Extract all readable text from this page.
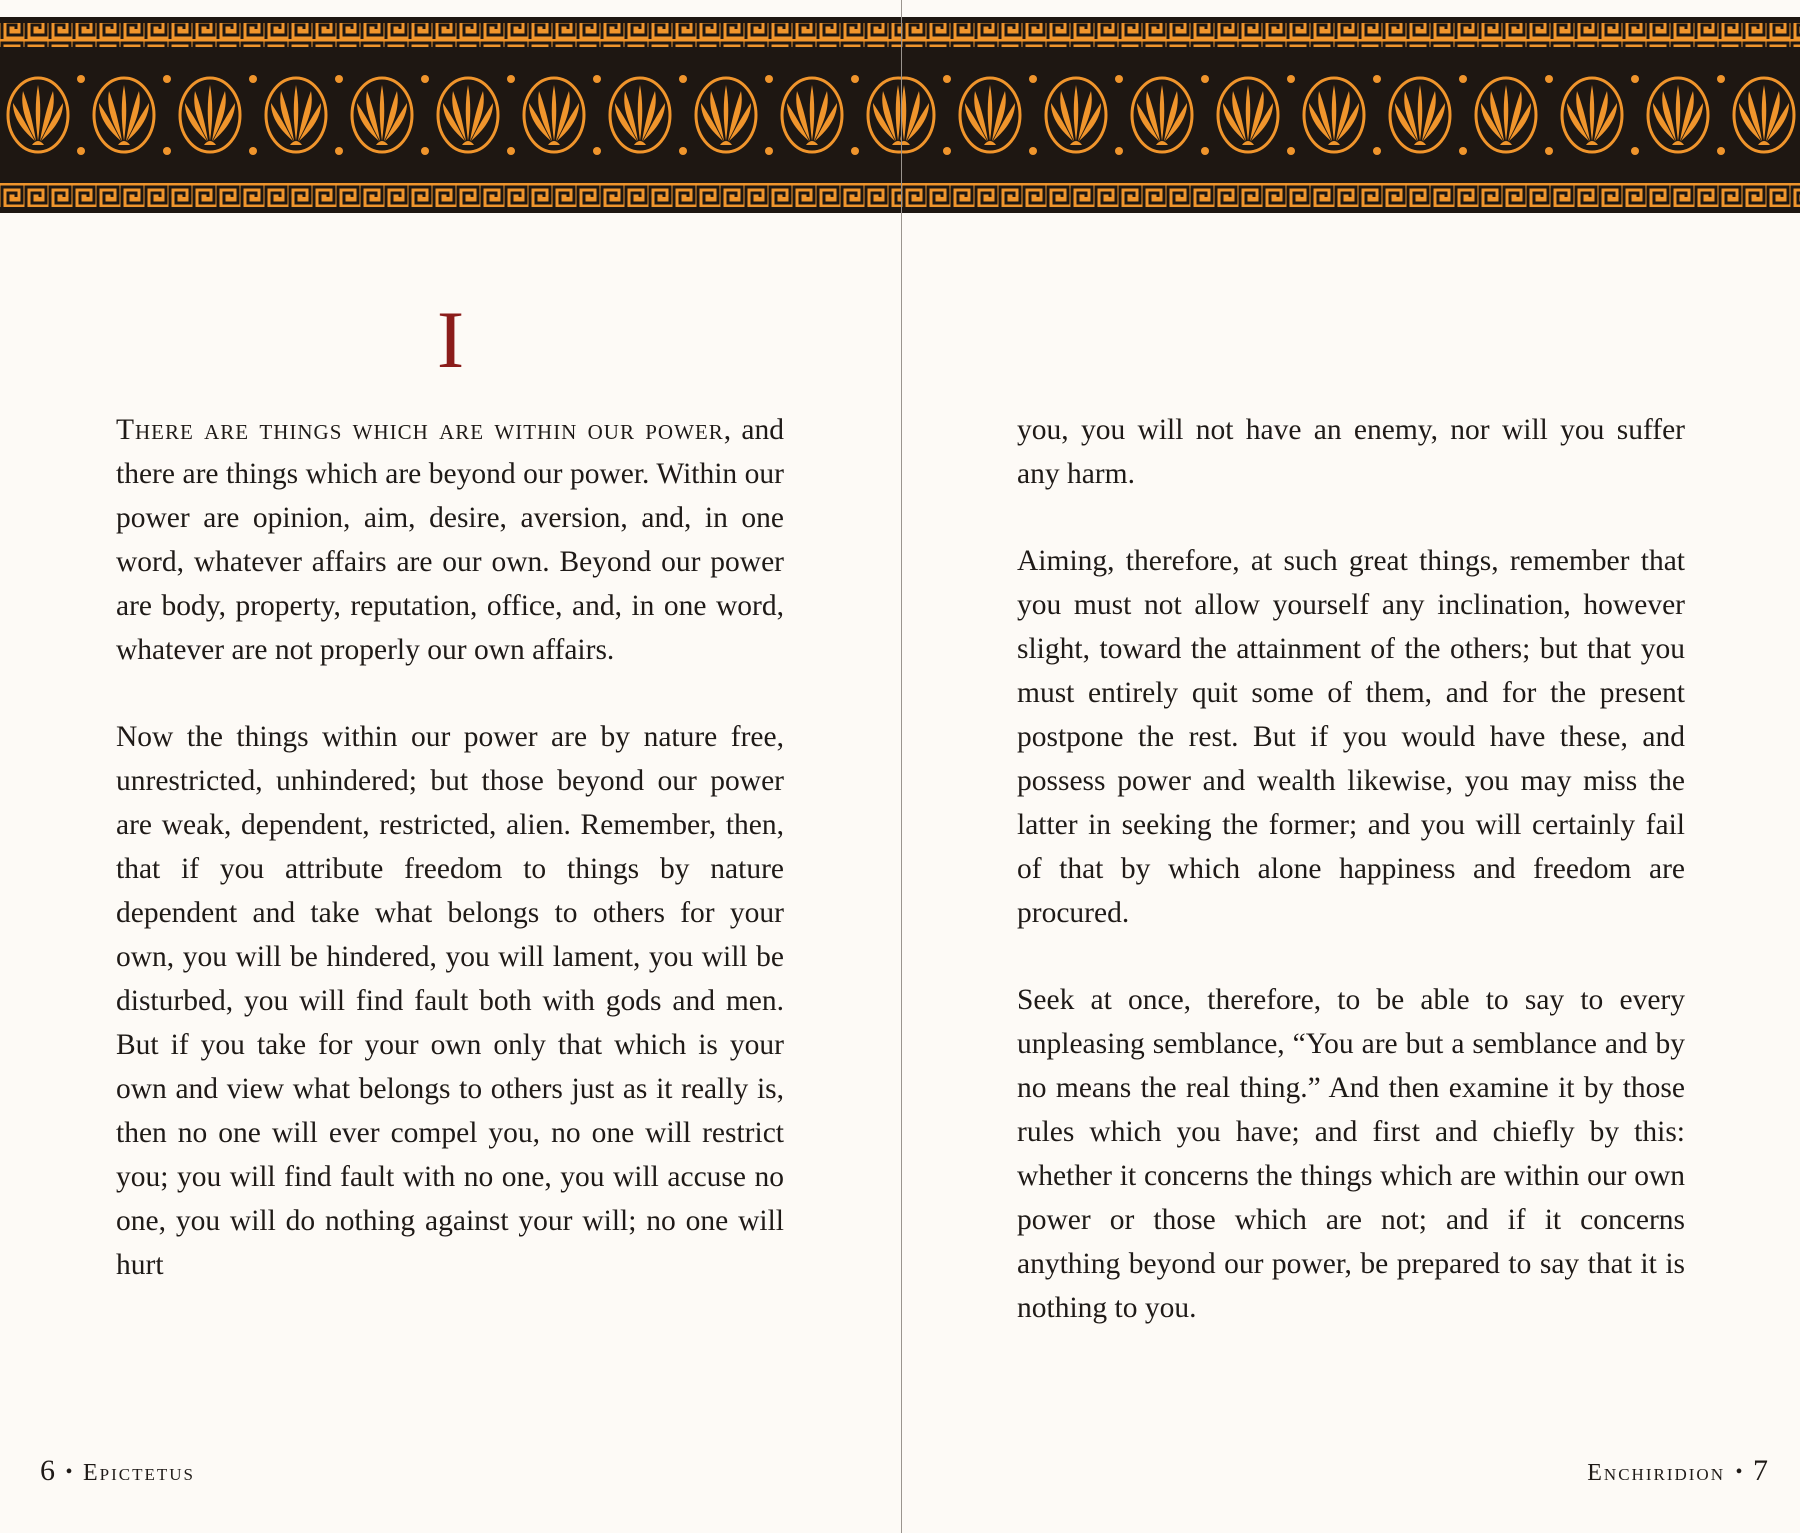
I

There are things which are within our power, and there are things which are beyond our power. Within our power are opinion, aim, desire, aversion, and, in one word, whatever affairs are our own. Beyond our power are body, property, reputation, office, and, in one word, whatever are not properly our own affairs.

Now the things within our power are by nature free, unrestricted, unhindered; but those beyond our power are weak, dependent, restricted, alien. Remember, then, that if you attribute freedom to things by nature dependent and take what belongs to others for your own, you will be hindered, you will lament, you will be disturbed, you will find fault both with gods and men. But if you take for your own only that which is your own and view what belongs to others just as it really is, then no one will ever compel you, no one will restrict you; you will find fault with no one, you will accuse no one, you will do nothing against your will; no one will hurt

6 • Epictetus

you, you will not have an enemy, nor will you suffer any harm.

Aiming, therefore, at such great things, remember that you must not allow yourself any inclination, however slight, toward the attainment of the others; but that you must entirely quit some of them, and for the present postpone the rest. But if you would have these, and possess power and wealth likewise, you may miss the latter in seeking the former; and you will certainly fail of that by which alone happiness and freedom are procured.

Seek at once, therefore, to be able to say to every unpleasing semblance, “You are but a semblance and by no means the real thing.” And then examine it by those rules which you have; and first and chiefly by this: whether it concerns the things which are within our own power or those which are not; and if it concerns anything beyond our power, be prepared to say that it is nothing to you.

Enchiridion • 7
